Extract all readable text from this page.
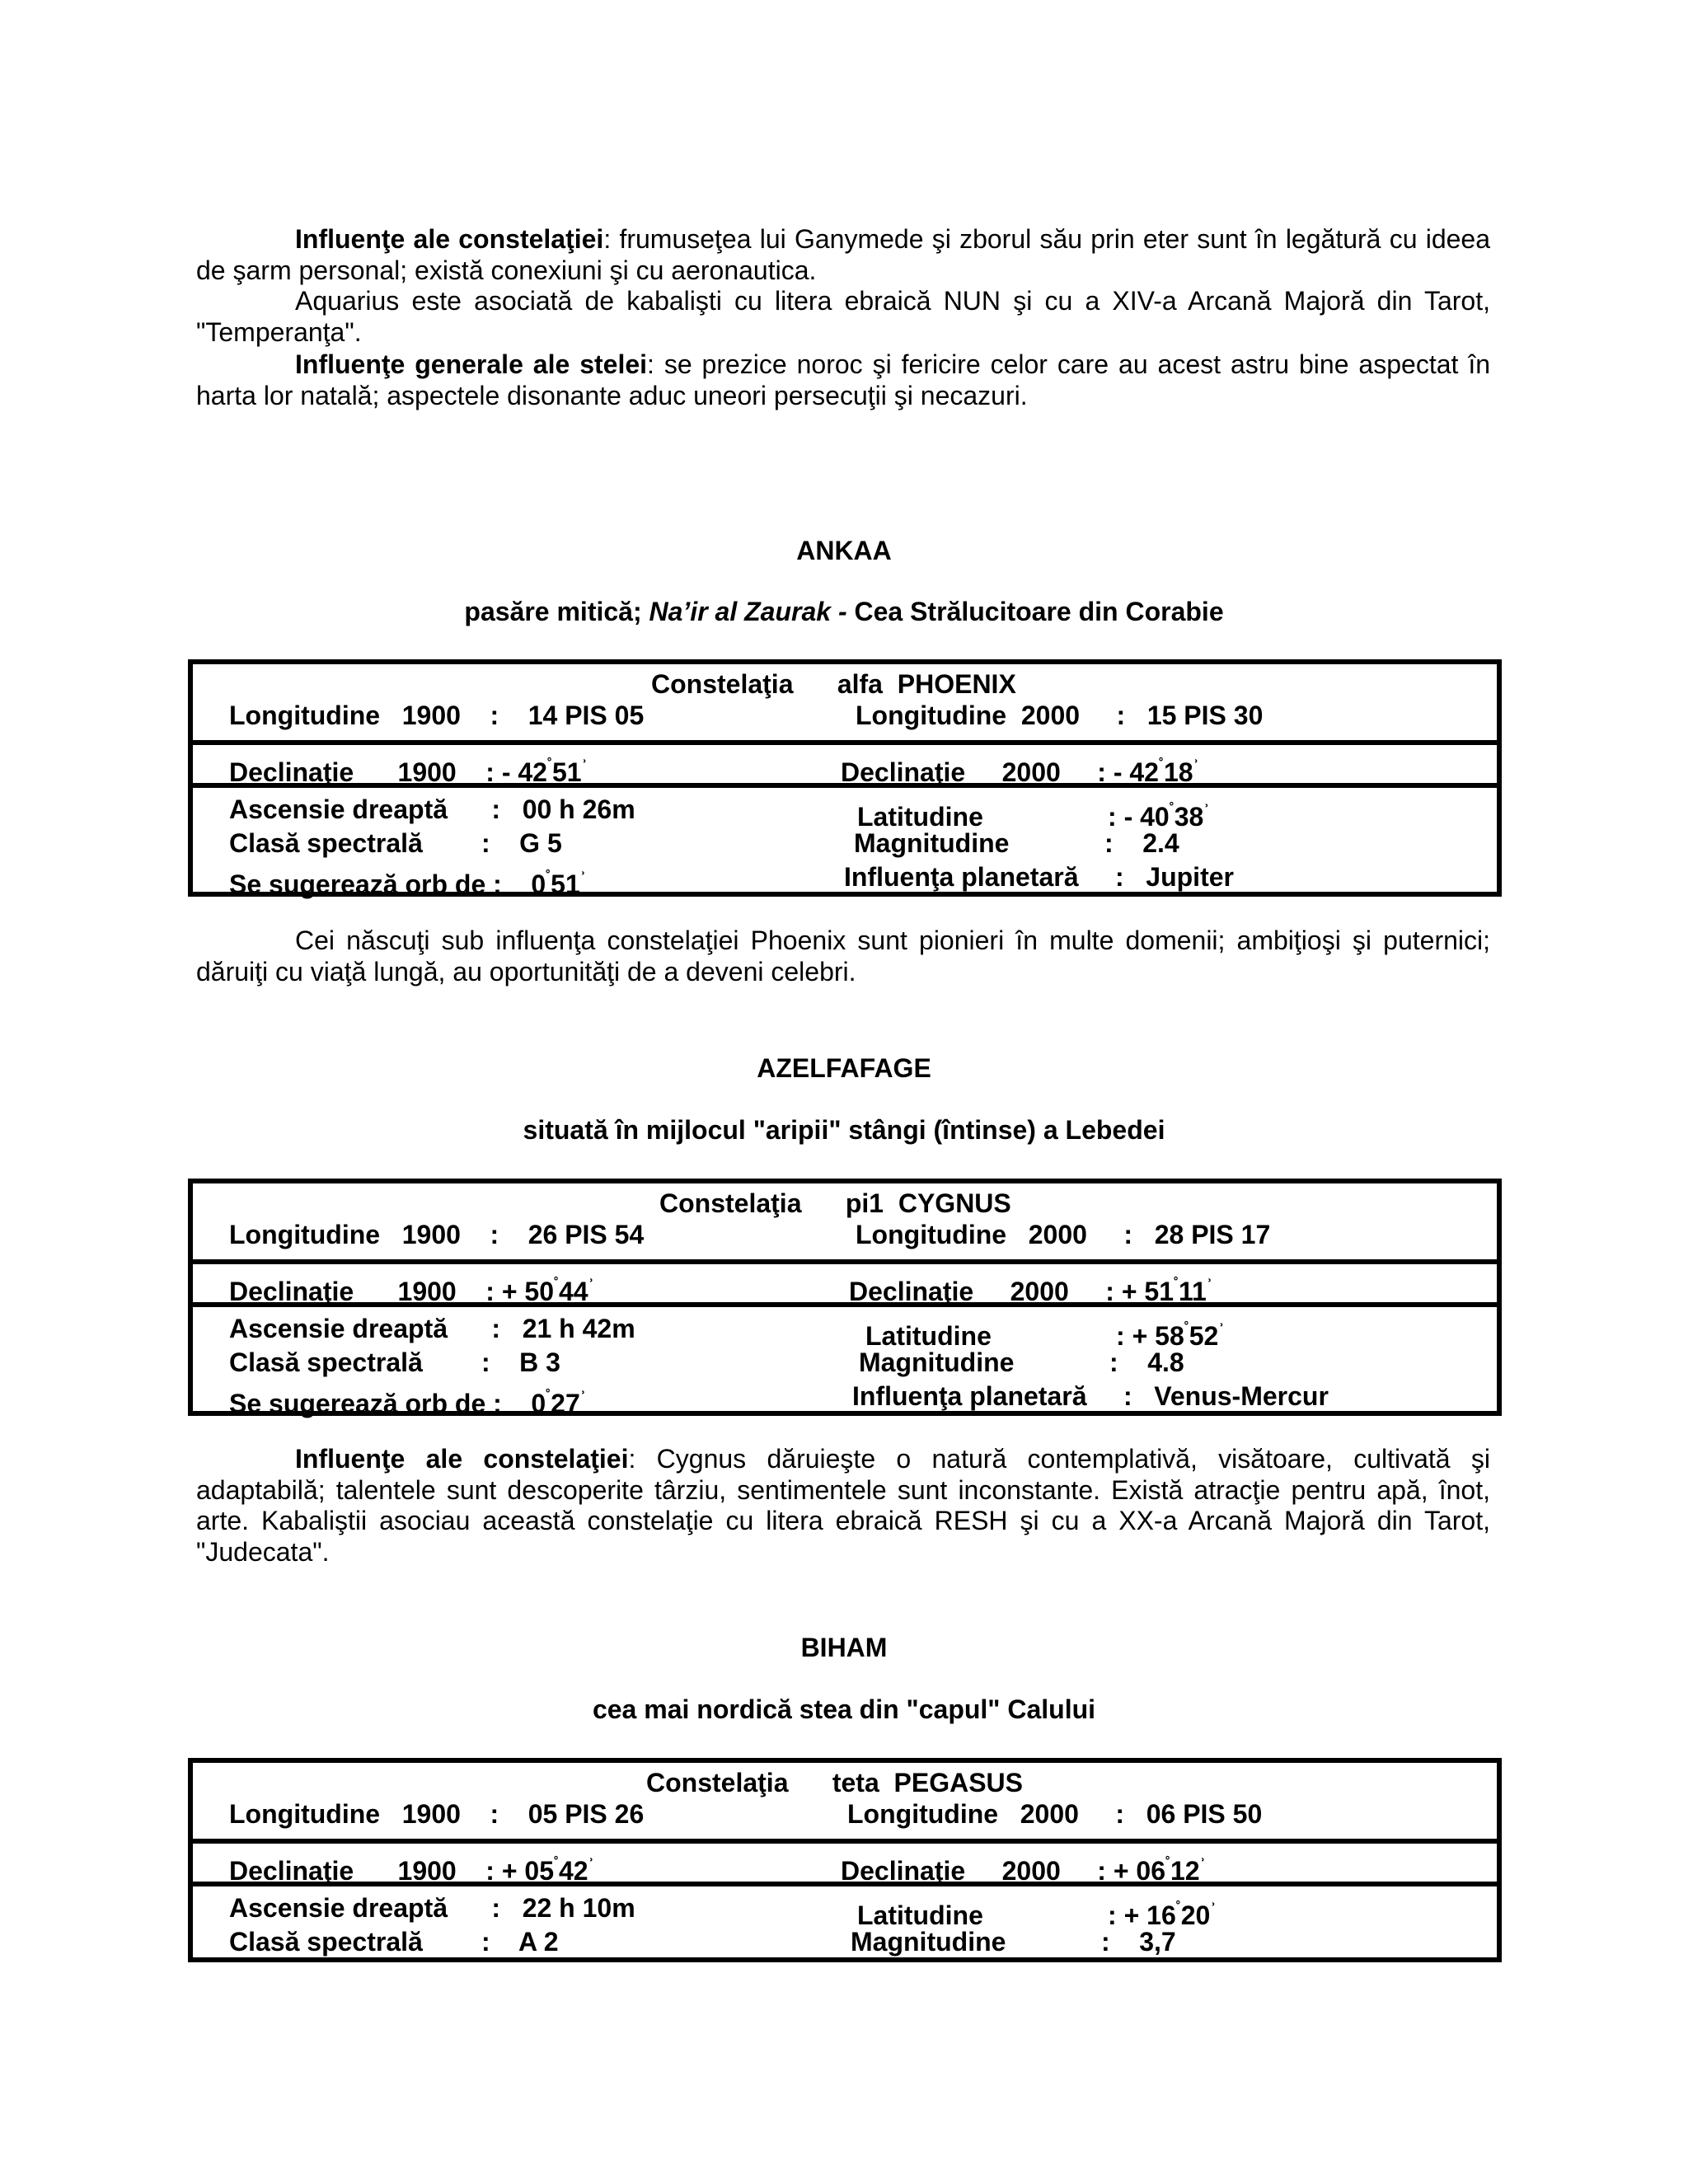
Influenţe ale constelaţiei: frumuseţea lui Ganymede şi zborul său prin eter sunt în legătură cu ideea de şarm personal; există conexiuni şi cu aeronautica.

Aquarius este asociată de kabalişti cu litera ebraică NUN şi cu a XIV-a Arcană Majoră din Tarot, "Temperanţa".

Influenţe generale ale stelei: se prezice noroc şi fericire celor care au acest astru bine aspectat în harta lor natală; aspectele disonante aduc uneori persecuţii şi necazuri.

ANKAA
pasăre mitică; Na’ir al Zaurak - Cea Strălucitoare din Corabie
Constelaţia      alfa  PHOENIX
Longitudine   1900    :    14 PIS 05	Longitudine  2000     :   15 PIS 30
Declinaţie      1900    : - $42^˚51^ʾ$	Declinaţie     2000     : - $42^˚18^ʾ$
Ascensie dreaptă      :   00 h 26m	Latitudine                 : - $40^˚38^ʾ$
Clasă spectrală        :    G 5	Magnitudine             :    2.4
Se sugerează orb de :    $0^˚51^ʾ$	Influenţa planetară     :   Jupiter

Cei născuţi sub influenţa constelaţiei Phoenix sunt pionieri în multe domenii; ambiţioşi şi puternici; dăruiţi cu viaţă lungă, au oportunităţi de a deveni celebri.

AZELFAFAGE
situată în mijlocul "aripii" stângi (întinse) a Lebedei
Constelaţia      pi1  CYGNUS
Longitudine   1900    :    26 PIS 54	Longitudine   2000     :   28 PIS 17
Declinaţie      1900    : + $50^˚44^ʾ$	Declinaţie     2000     : + $51^˚11^ʾ$
Ascensie dreaptă      :   21 h 42m	Latitudine                 : + $58^˚52^ʾ$
Clasă spectrală        :    B 3	Magnitudine             :    4.8
Se sugerează orb de :    $0^˚27^ʾ$	Influenţa planetară     :   Venus-Mercur

Influenţe ale constelaţiei: Cygnus dăruieşte o natură contemplativă, visătoare, cultivată şi adaptabilă; talentele sunt descoperite târziu, sentimentele sunt inconstante. Există atracţie pentru apă, înot, arte. Kabaliştii asociau această constelaţie cu litera ebraică RESH şi cu a XX-a Arcană Majoră din Tarot, "Judecata".

BIHAM
cea mai nordică stea din "capul" Calului
Constelaţia      teta  PEGASUS
Longitudine   1900    :    05 PIS 26	Longitudine   2000     :   06 PIS 50
Declinaţie      1900    : + $05^˚42^ʾ$	Declinaţie     2000     : + $06^˚12^ʾ$
Ascensie dreaptă      :   22 h 10m	Latitudine                 : + $16^˚20^ʾ$
Clasă spectrală        :    A 2	Magnitudine             :    3,7
